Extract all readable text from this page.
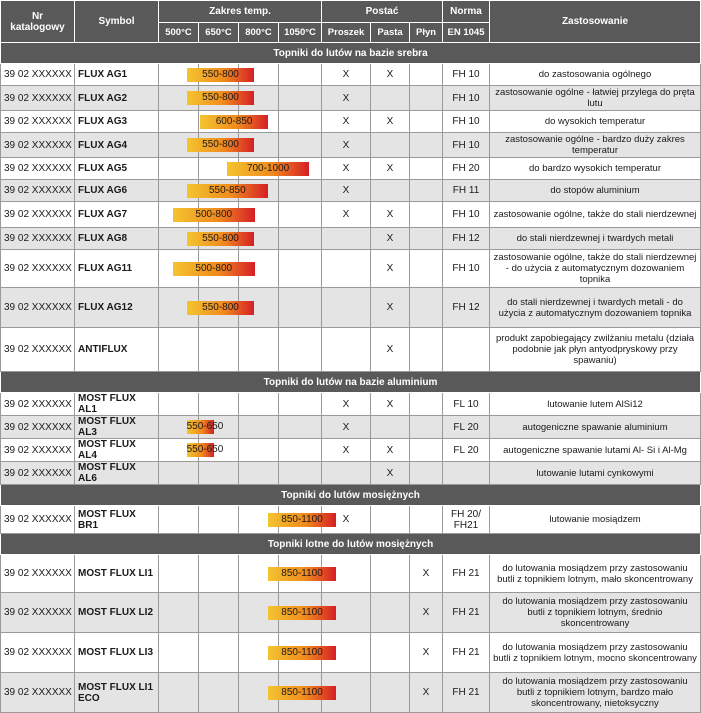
Nr katalogowy	Symbol	Zakres temp.				Postać			Norma	Zastosowanie
		500°C	650°C	800°C	1050°C	Proszek	Pasta	Płyn	EN 1045	
Topniki do lutów na bazie srebra										
39 02 XXXXXX	FLUX AG1	550-800				X	X		FH 10	do zastosowania ogólnego
39 02 XXXXXX	FLUX AG2	550-800				X			FH 10	zastosowanie ogólne - łatwiej przylega do pręta lutu
39 02 XXXXXX	FLUX AG3	600-850				X	X		FH 10	do wysokich temperatur
39 02 XXXXXX	FLUX AG4	550-800				X			FH 10	zastosowanie ogólne - bardzo duży zakres temperatur
39 02 XXXXXX	FLUX AG5	700-1000				X	X		FH 20	do bardzo wysokich temperatur
39 02 XXXXXX	FLUX AG6	550-850				X			FH 11	do stopów aluminium
39 02 XXXXXX	FLUX AG7	500-800				X	X		FH 10	zastosowanie ogólne, także do stali nierdzewnej
39 02 XXXXXX	FLUX AG8	550-800					X		FH 12	do stali nierdzewnej i twardych metali
39 02 XXXXXX	FLUX AG11	500-800					X		FH 10	zastosowanie ogólne, także do stali nierdzewnej - do użycia z automatycznym dozowaniem topnika
39 02 XXXXXX	FLUX AG12	550-800					X		FH 12	do stali nierdzewnej i twardych metali - do użycia z automatycznym dozowaniem topnika
39 02 XXXXXX	ANTIFLUX						X			produkt zapobiegający zwilżaniu metalu (działa podobnie jak płyn antyodpryskowy przy spawaniu)
Topniki do lutów na bazie aluminium										
39 02 XXXXXX	MOST FLUX AL1					X	X		FL 10	lutowanie lutem AlSi12
39 02 XXXXXX	MOST FLUX AL3	550-650				X			FL 20	autogeniczne spawanie aluminium
39 02 XXXXXX	MOST FLUX AL4	550-650				X	X		FL 20	autogeniczne spawanie lutami Al- Si i Al-Mg
39 02 XXXXXX	MOST FLUX AL6						X			lutowanie lutami cynkowymi
Topniki do lutów mosiężnych										
39 02 XXXXXX	MOST FLUX BR1	850-1100				X			FH 20/ FH21	lutowanie mosiądzem
Topniki lotne do lutów mosiężnych										
39 02 XXXXXX	MOST FLUX LI1	850-1100						X	FH 21	do lutowania mosiądzem przy zastosowaniu butli z topnikiem lotnym, mało skoncentrowany
39 02 XXXXXX	MOST FLUX LI2	850-1100						X	FH 21	do lutowania mosiądzem przy zastosowaniu butli z topnikiem lotnym, średnio skoncentrowany
39 02 XXXXXX	MOST FLUX LI3	850-1100						X	FH 21	do lutowania mosiądzem przy zastosowaniu butli z topnikiem lotnym, mocno skoncentrowany
39 02 XXXXXX	MOST FLUX LI1 ECO	850-1100						X	FH 21	do lutowania mosiądzem przy zastosowaniu butli z topnikiem lotnym, bardzo mało skoncentrowany, nietoksyczny
